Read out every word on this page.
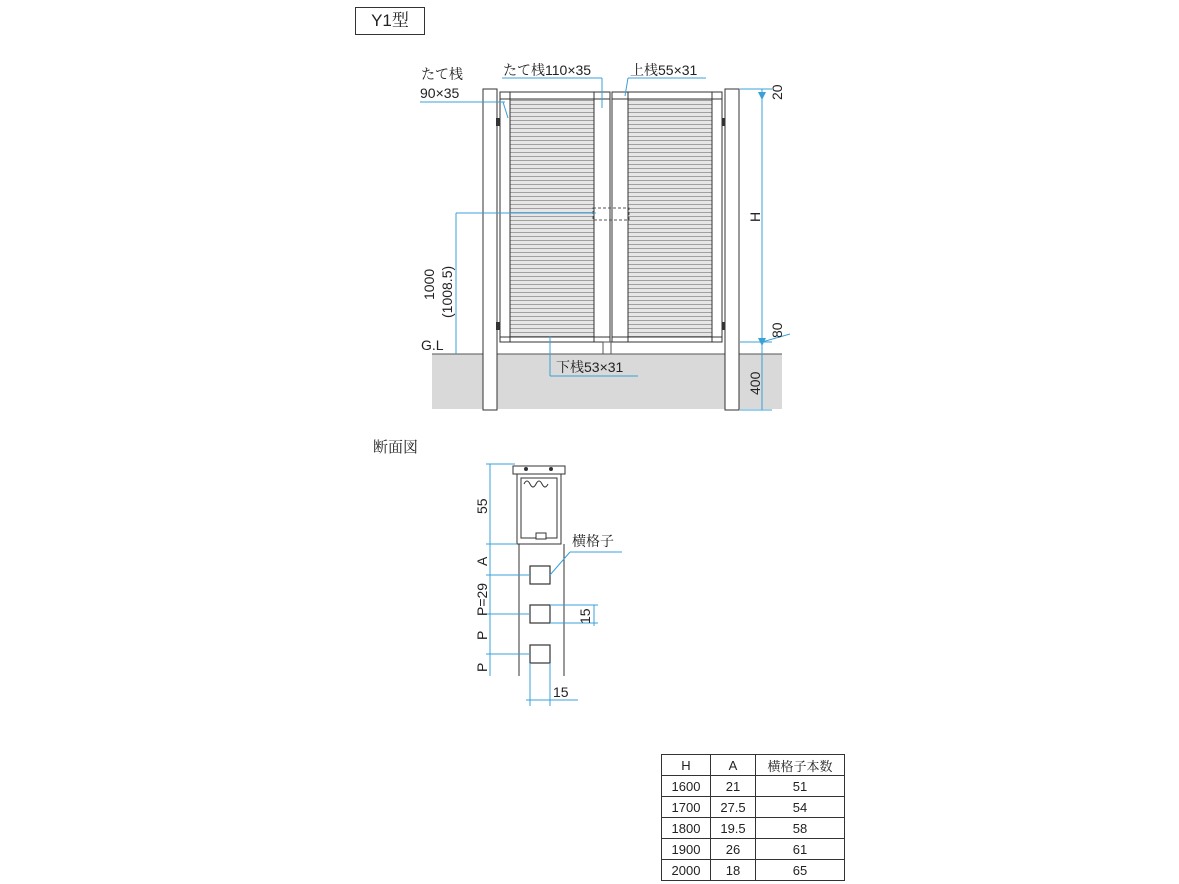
Y1型
たて桟
90×35
たて桟110×35	上桟55×31
下桟53×31
G.L
20
H
80
400
1000 (1008.5)
55
A
P=29
P
P
横格子
15
15
断面図
H	A	横格子本数
1600	21	51
1700	27.5	54
1800	19.5	58
1900	26	61
2000	18	65
